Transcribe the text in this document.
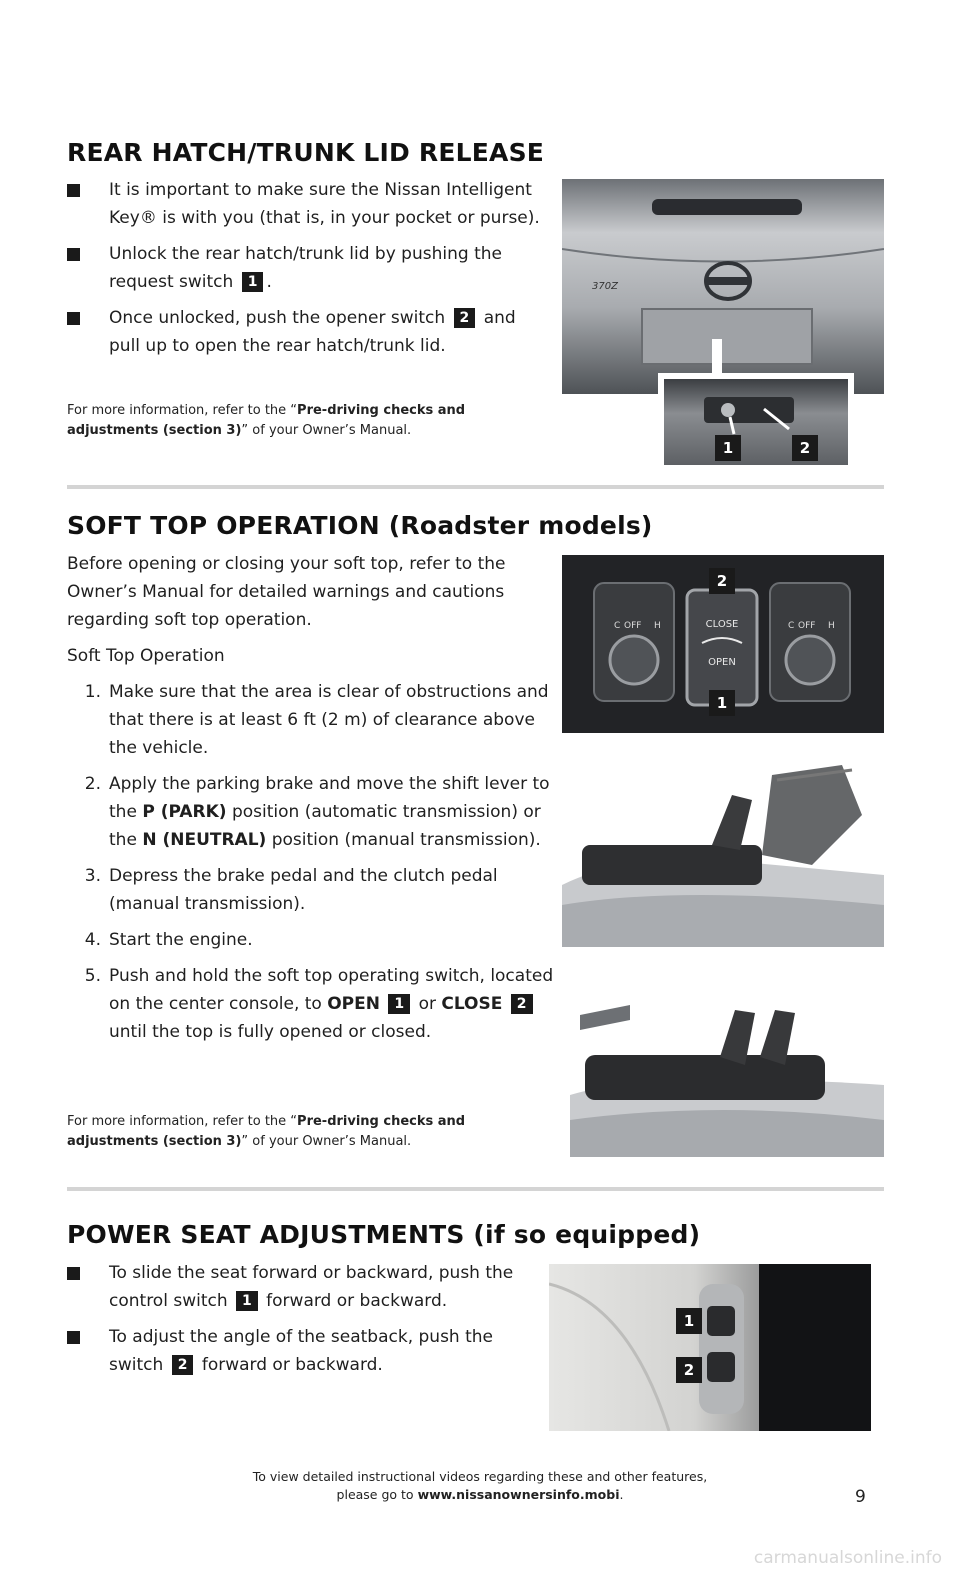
REAR HATCH/TRUNK LID RELEASE
It is important to make sure the Nissan Intelligent Key® is with you (that is, in your pocket or purse).
Unlock the rear hatch/trunk lid by pushing the request switch 1 .
Once unlocked, push the opener switch 2 and pull up to open the rear hatch/trunk lid.
For more information, refer to the “Pre-driving checks and adjustments (section 3)” of your Owner’s Manual.
370Z
1	2
SOFT TOP OPERATION (Roadster models)
Before opening or closing your soft top, refer to the Owner’s Manual for detailed warnings and cautions regarding soft top operation.
Soft Top Operation
1. Make sure that the area is clear of obstructions and that there is at least 6 ft (2 m) of clearance above the vehicle.
2. Apply the parking brake and move the shift lever to the P (PARK) position (automatic transmission) or the N (NEUTRAL) position (manual transmission).
3. Depress the brake pedal and the clutch pedal (manual transmission).
4. Start the engine.
5. Push and hold the soft top operating switch, located on the center console, to OPEN 1 or CLOSE 2 until the top is fully opened or closed.
For more information, refer to the “Pre-driving checks and adjustments (section 3)” of your Owner’s Manual.
C OFF H	CLOSE
OPEN
C OFF H
2
1
POWER SEAT ADJUSTMENTS (if so equipped)
To slide the seat forward or backward, push the control switch 1 forward or backward.
To adjust the angle of the seatback, push the switch 2 forward or backward.
1
2
To view detailed instructional videos regarding these and other features,
please go to www.nissanownersinfo.mobi.	9
carmanualsonline.info
